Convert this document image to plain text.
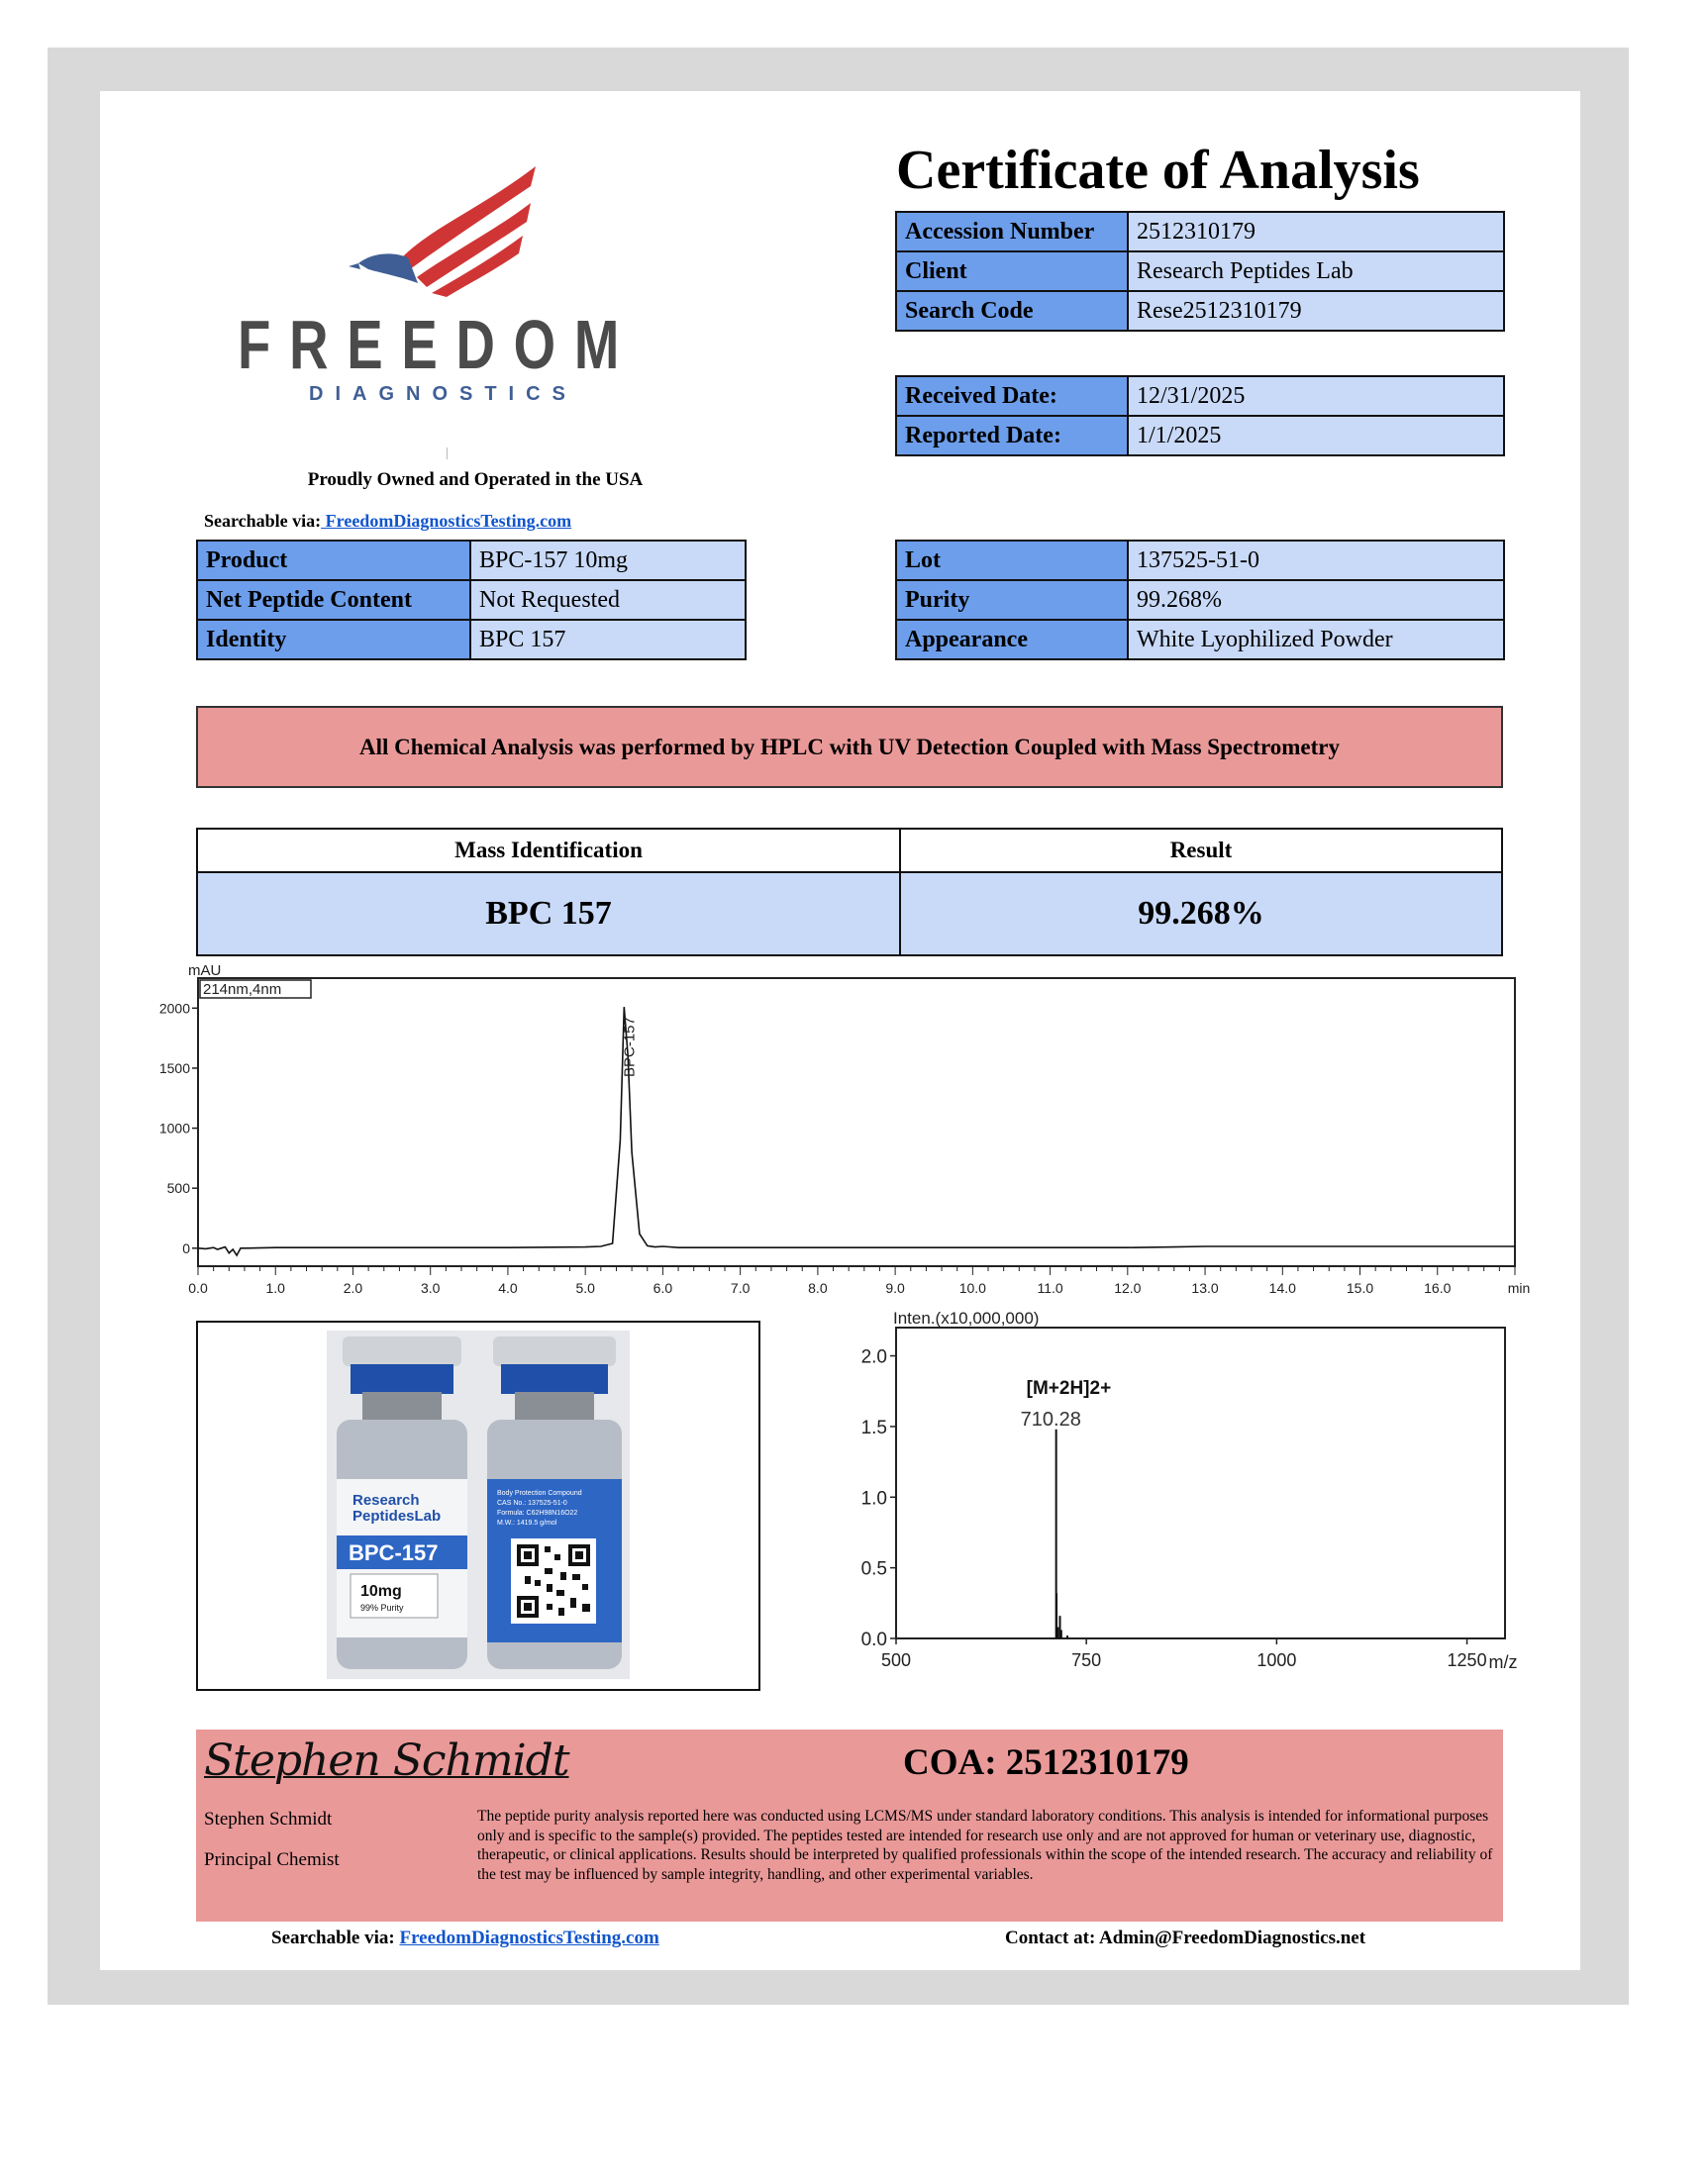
FREEDOM
DIAGNOSTICS
Proudly Owned and Operated in the USA
Searchable via: FreedomDiagnosticsTesting.com
Certificate of Analysis
Accession Number	2512310179
Client	Research Peptides Lab
Search Code	Rese2512310179
Received Date:	12/31/2025
Reported Date:	1/1/2025
Product	BPC-157 10mg
Net Peptide Content	Not Requested
Identity	BPC 157
Lot	137525-51-0
Purity	99.268%
Appearance	White Lyophilized Powder
All Chemical Analysis was performed by HPLC with UV Detection Coupled with Mass Spectrometry
Mass Identification	Result
BPC 157	99.268%
mAU
214nm,4nm
0
500
1000
1500
2000
0.0	1.0	2.0	3.0	4.0	5.0	6.0	7.0	8.0	9.0	10.0	11.0	12.0	13.0	14.0	15.0	16.0	min
BPC-157
Research
PeptidesLab
BPC-157
10mg
99% Purity
Body Protection Compound
CAS No.: 137525-51-0
Formula: C62H98N16O22
M.W.: 1419.5 g/mol
Inten.(x10,000,000)
0.0
0.5
1.0
1.5
2.0
500	750	1000	1250 m/z
[M+2H]2+
710.28
Stephen Schmidt	COA: 2512310179
Stephen Schmidt
Principal Chemist
The peptide purity analysis reported here was conducted using LCMS/MS under standard laboratory conditions. This analysis is intended for informational purposes only and is specific to the sample(s) provided. The peptides tested are intended for research use only and are not approved for human or veterinary use, diagnostic, therapeutic, or clinical applications. Results should be interpreted by qualified professionals within the scope of the intended research. The accuracy and reliability of the test may be influenced by sample integrity, handling, and other experimental variables.
Searchable via: FreedomDiagnosticsTesting.com	Contact at: Admin@FreedomDiagnostics.net
